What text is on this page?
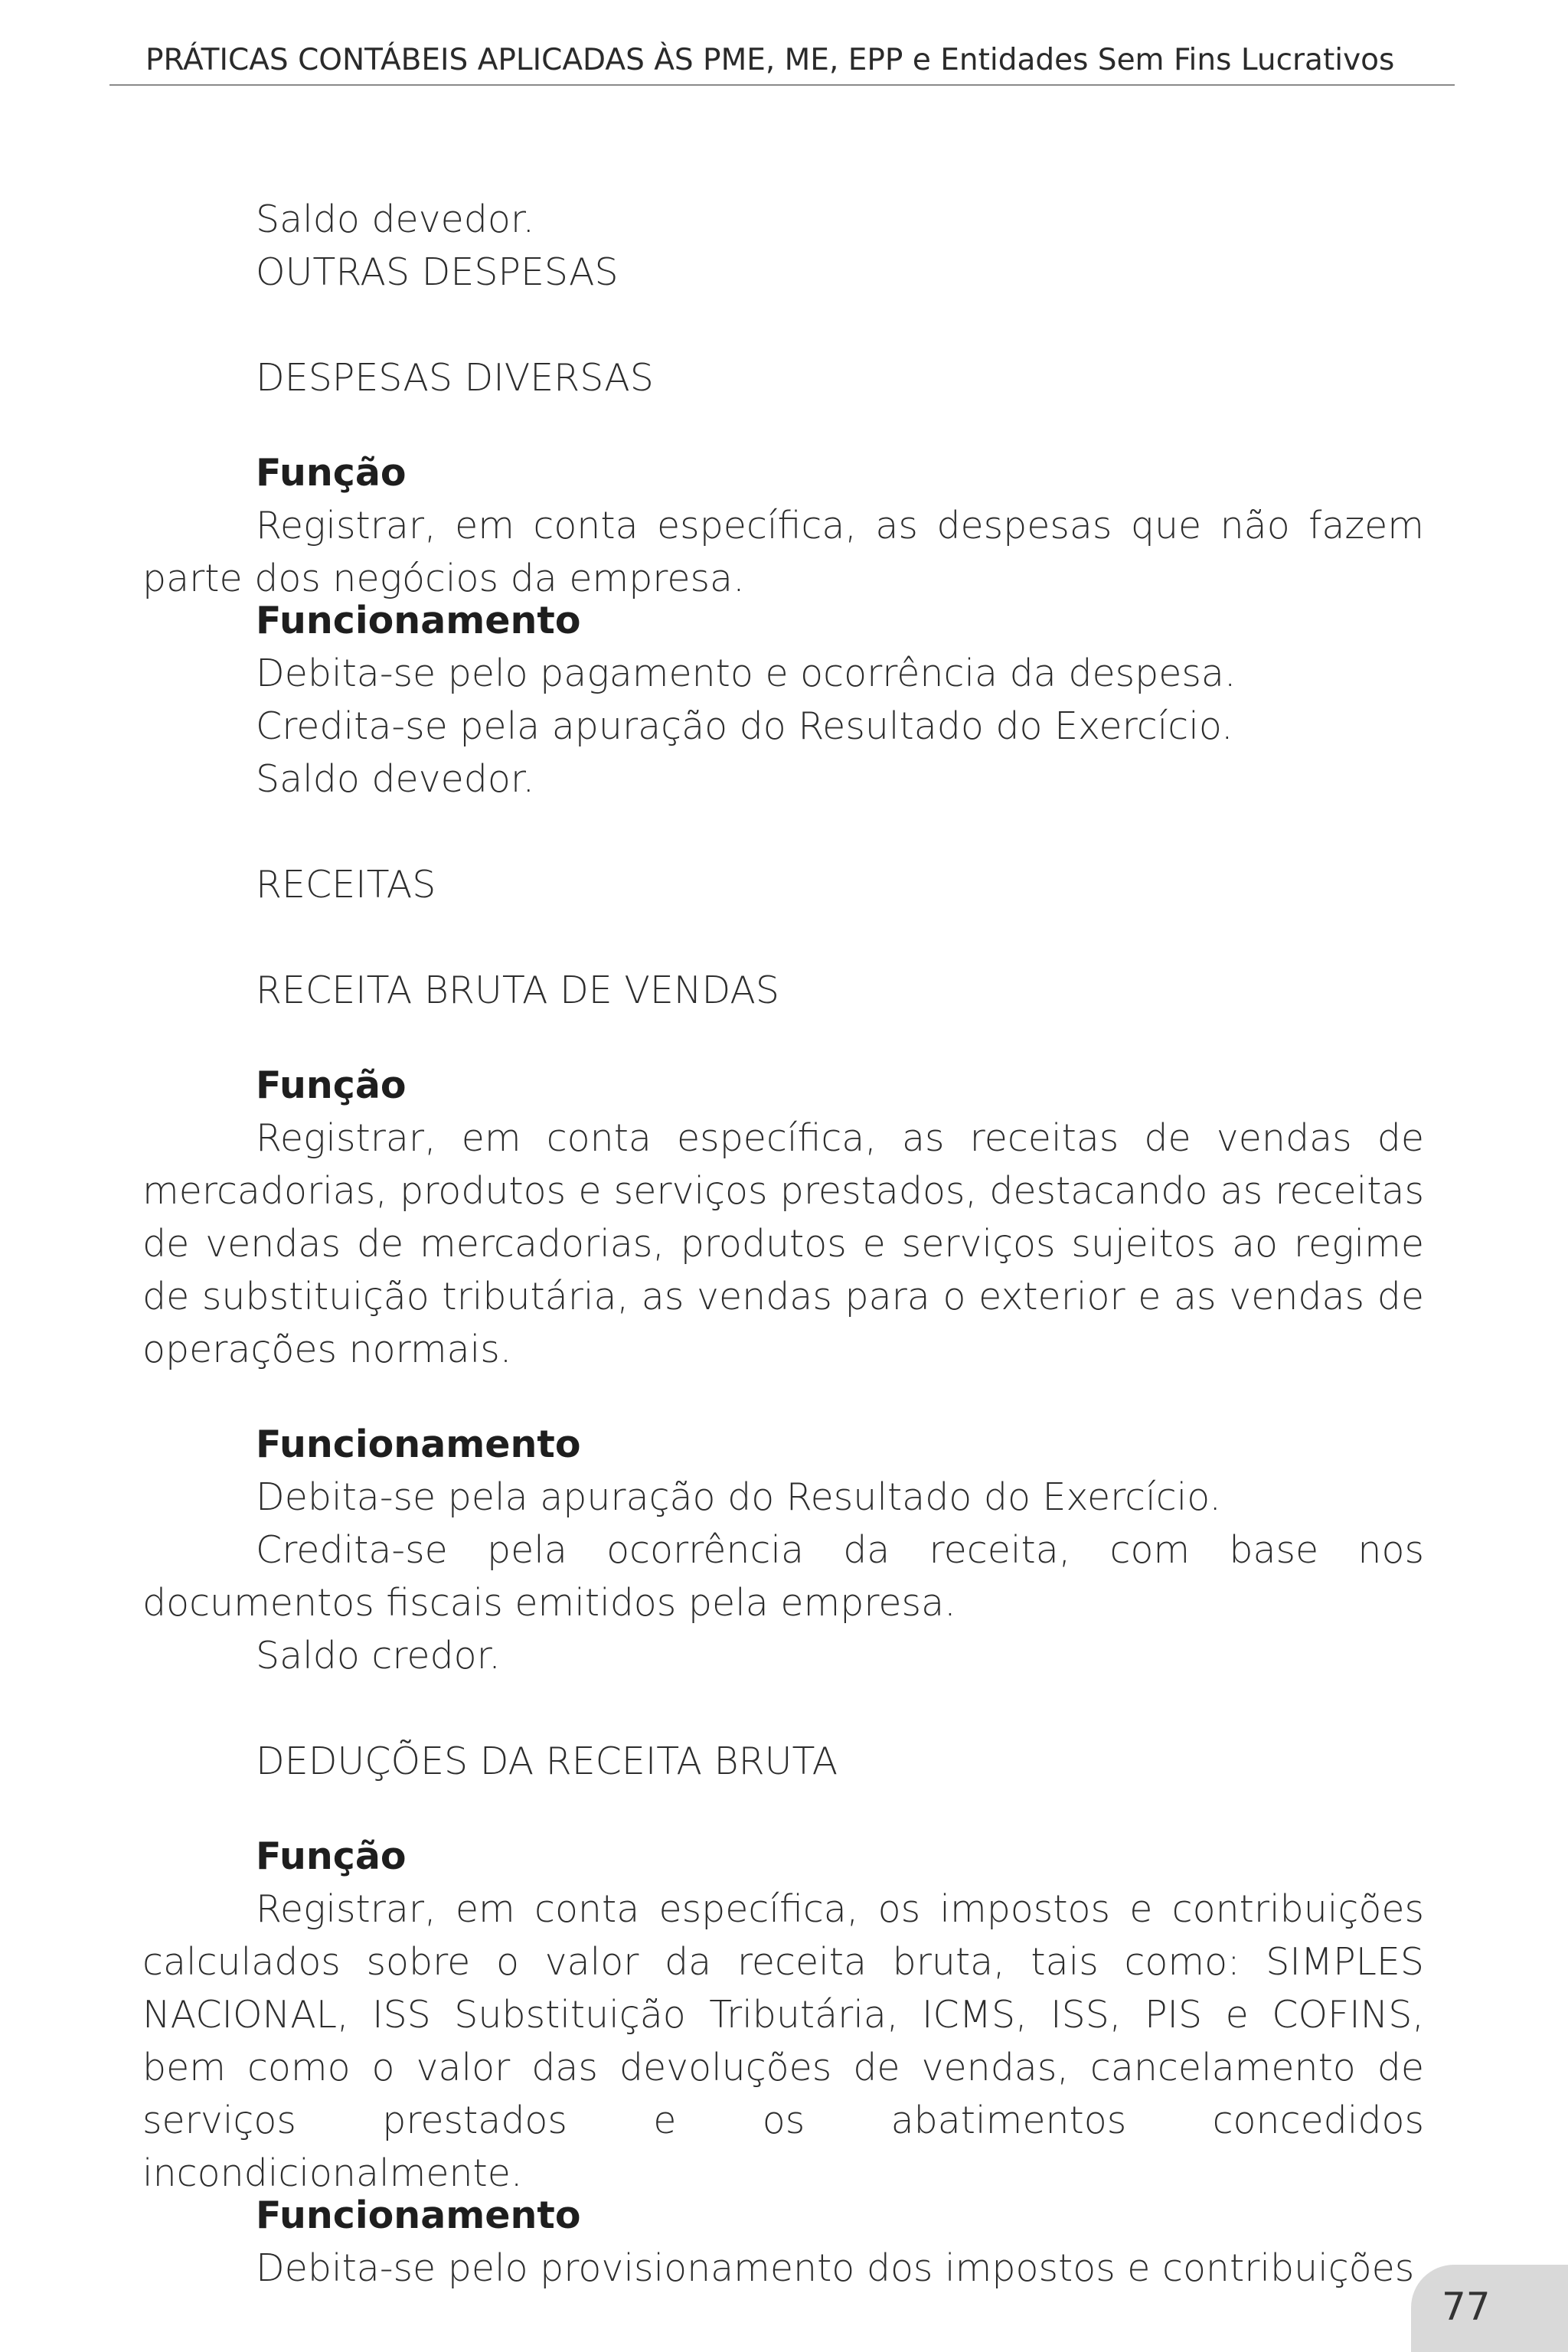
PRÁTICAS CONTÁBEIS APLICADAS ÀS PME, ME, EPP e Entidades Sem Fins Lucrativos

Saldo devedor.

OUTRAS DESPESAS

DESPESAS DIVERSAS

Função

Registrar, em conta específica, as despesas que não fazem parte dos negócios da empresa.

Funcionamento

Debita-se pelo pagamento e ocorrência da despesa.

Credita-se pela apuração do Resultado do Exercício.

Saldo devedor.

RECEITAS

RECEITA BRUTA DE VENDAS

Função

Registrar, em conta específica, as receitas de vendas de mercadorias, produtos e serviços prestados, destacando as receitas de vendas de mercadorias, produtos e serviços sujeitos ao regime de substituição tributária, as vendas para o exterior e as vendas de operações normais.

Funcionamento

Debita-se pela apuração do Resultado do Exercício.

Credita-se pela ocorrência da receita, com base nos documentos fiscais emitidos pela empresa.

Saldo credor.

DEDUÇÕES DA RECEITA BRUTA

Função

Registrar, em conta específica, os impostos e contribuições calculados sobre o valor da receita bruta, tais como: SIMPLES NACIONAL, ISS Substituição Tributária, ICMS, ISS, PIS e COFINS, bem como o valor das devoluções de vendas, cancelamento de serviços prestados e os abatimentos concedidos incondicionalmente.

Funcionamento

Debita-se pelo provisionamento dos impostos e contribuições

77
